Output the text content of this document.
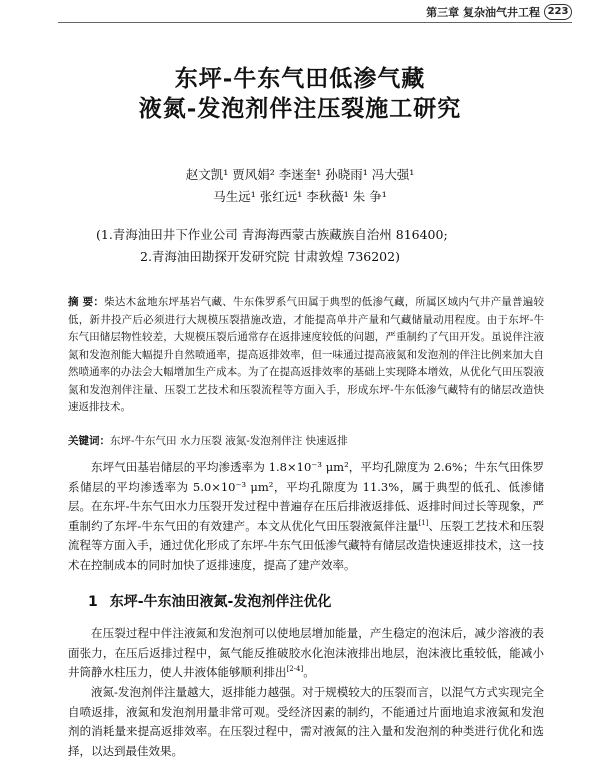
第三章 复杂油气井工程 223
东坪-牛东气田低渗气藏
液氮-发泡剂伴注压裂施工研究
赵文凯¹ 贾风娟² 李迷奎¹ 孙晓雨¹ 冯大强¹
马生远¹ 张红远¹ 李秋薇¹ 朱 争¹
(1.青海油田井下作业公司 青海海西蒙古族藏族自治州 816400;
2.青海油田勘探开发研究院 甘肃敦煌 736202)
摘 要：柴达木盆地东坪基岩气藏、牛东侏罗系气田属于典型的低渗气藏，所属区域内气井产量普遍较低，新井投产后必须进行大规模压裂措施改造，才能提高单井产量和气藏储量动用程度。由于东坪-牛东气田储层物性较差，大规模压裂后通常存在返排速度较低的问题，严重制约了气田开发。虽说伴注液氮和发泡剂能大幅提升自然喷通率，提高返排效率，但一味通过提高液氮和发泡剂的伴注比例来加大自然喷通率的办法会大幅增加生产成本。为了在提高返排效率的基础上实现降本增效，从优化气田压裂液氮和发泡剂伴注量、压裂工艺技术和压裂流程等方面入手，形成东坪-牛东低渗气藏特有的储层改造快速返排技术。
关键词：东坪-牛东气田 水力压裂 液氮-发泡剂伴注 快速返排
东坪气田基岩储层的平均渗透率为 1.8×10⁻³ μm²，平均孔隙度为 2.6%；牛东气田侏罗系储层的平均渗透率为 5.0×10⁻³ μm²，平均孔隙度为 11.3%，属于典型的低孔、低渗储层。在东坪-牛东气田水力压裂开发过程中普遍存在压后排液返排低、返排时间过长等现象，严重制约了东坪-牛东气田的有效建产。本文从优化气田压裂液氮伴注量[1]、压裂工艺技术和压裂流程等方面入手，通过优化形成了东坪-牛东气田低渗气藏特有储层改造快速返排技术，这一技术在控制成本的同时加快了返排速度，提高了建产效率。
1 东坪-牛东油田液氮-发泡剂伴注优化
在压裂过程中伴注液氮和发泡剂可以使地层增加能量，产生稳定的泡沫后，减少溶液的表面张力，在压后返排过程中，氮气能反推破胶水化泡沫液排出地层，泡沫液比重较低，能减小井筒静水柱压力，使人井液体能够顺利排出[2-4]。
液氮-发泡剂伴注量越大，返排能力越强。对于规模较大的压裂而言，以混气方式实现完全自喷返排，液氮和发泡剂用量非常可观。受经济因素的制约，不能通过片面地追求液氮和发泡剂的消耗量来提高返排效率。在压裂过程中，需对液氮的注入量和发泡剂的种类进行优化和选择，以达到最佳效果。
